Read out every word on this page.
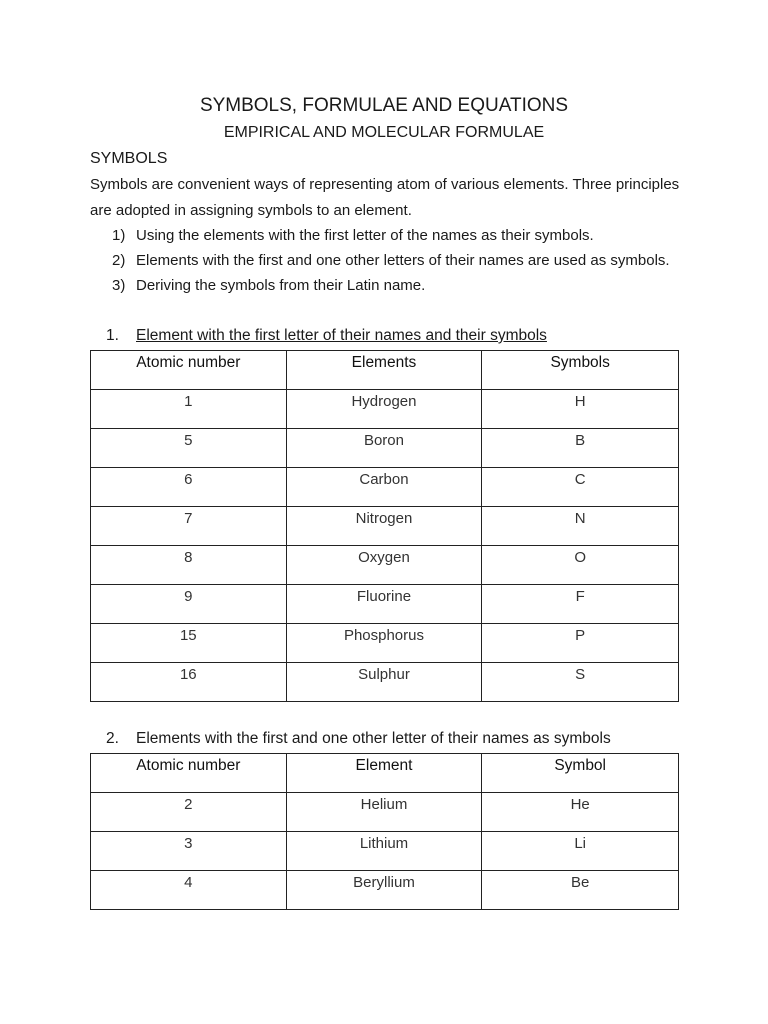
SYMBOLS, FORMULAE AND EQUATIONS
EMPIRICAL AND MOLECULAR FORMULAE
SYMBOLS

Symbols are convenient ways of representing atom of various elements. Three principles are adopted in assigning symbols to an element.

1) Using the elements with the first letter of the names as their symbols.
2) Elements with the first and one other letters of their names are used as symbols.
3) Deriving the symbols from their Latin name.

1. Element with the first letter of their names and their symbols

Atomic number	Elements	Symbols
1	Hydrogen	H
5	Boron	B
6	Carbon	C
7	Nitrogen	N
8	Oxygen	O
9	Fluorine	F
15	Phosphorus	P
16	Sulphur	S

2. Elements with the first and one other letter of their names as symbols

Atomic number	Element	Symbol
2	Helium	He
3	Lithium	Li
4	Beryllium	Be
